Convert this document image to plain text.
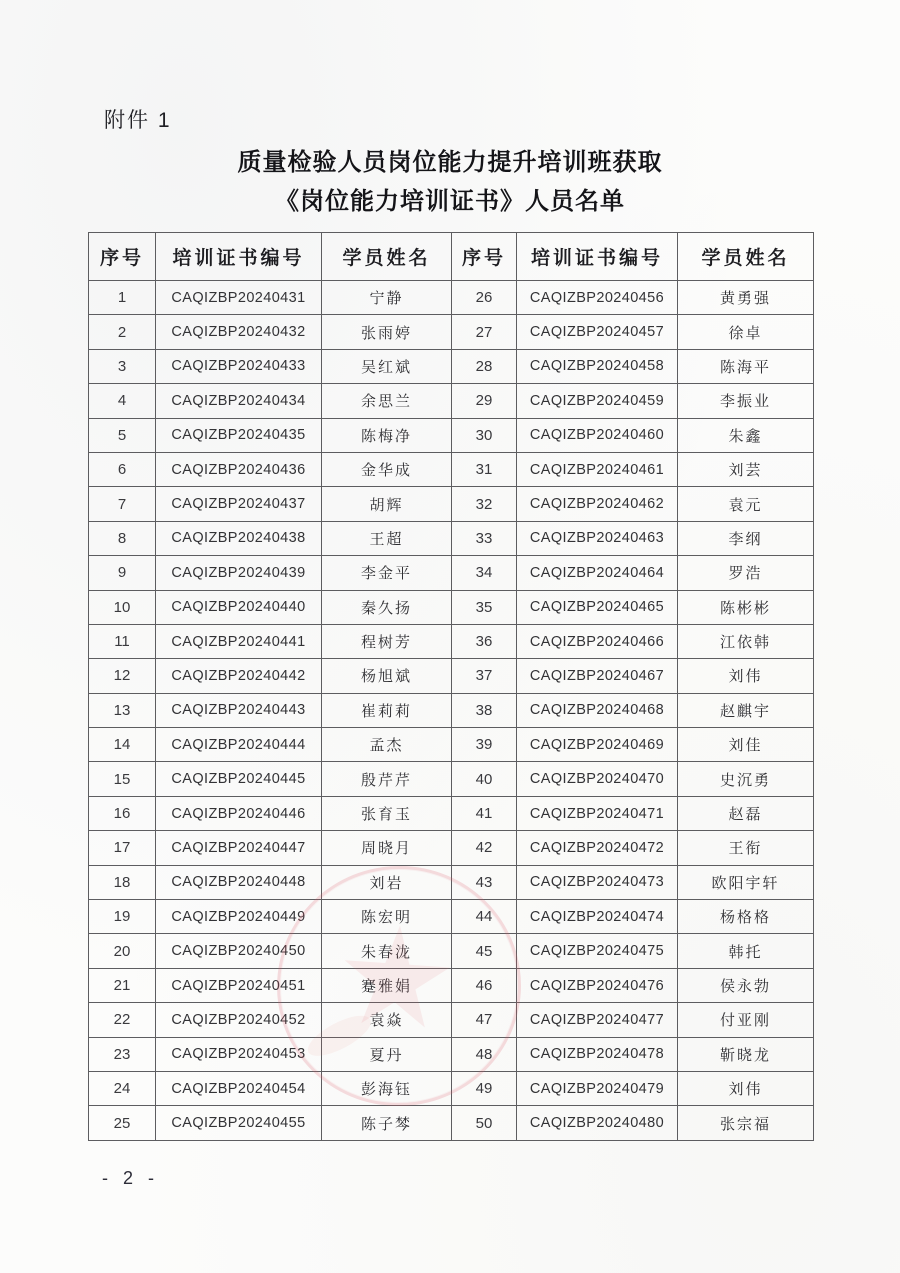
附件 1
质量检验人员岗位能力提升培训班获取
《岗位能力培训证书》人员名单
序号	培训证书编号	学员姓名	序号	培训证书编号	学员姓名
1	CAQIZBP20240431	宁静	26	CAQIZBP20240456	黄勇强
2	CAQIZBP20240432	张雨婷	27	CAQIZBP20240457	徐卓
3	CAQIZBP20240433	吴红斌	28	CAQIZBP20240458	陈海平
4	CAQIZBP20240434	余思兰	29	CAQIZBP20240459	李振业
5	CAQIZBP20240435	陈梅净	30	CAQIZBP20240460	朱鑫
6	CAQIZBP20240436	金华成	31	CAQIZBP20240461	刘芸
7	CAQIZBP20240437	胡辉	32	CAQIZBP20240462	袁元
8	CAQIZBP20240438	王超	33	CAQIZBP20240463	李纲
9	CAQIZBP20240439	李金平	34	CAQIZBP20240464	罗浩
10	CAQIZBP20240440	秦久扬	35	CAQIZBP20240465	陈彬彬
11	CAQIZBP20240441	程树芳	36	CAQIZBP20240466	江依韩
12	CAQIZBP20240442	杨旭斌	37	CAQIZBP20240467	刘伟
13	CAQIZBP20240443	崔莉莉	38	CAQIZBP20240468	赵麒宇
14	CAQIZBP20240444	孟杰	39	CAQIZBP20240469	刘佳
15	CAQIZBP20240445	殷芹芹	40	CAQIZBP20240470	史沉勇
16	CAQIZBP20240446	张育玉	41	CAQIZBP20240471	赵磊
17	CAQIZBP20240447	周晓月	42	CAQIZBP20240472	王衔
18	CAQIZBP20240448	刘岩	43	CAQIZBP20240473	欧阳宇轩
19	CAQIZBP20240449	陈宏明	44	CAQIZBP20240474	杨格格
20	CAQIZBP20240450	朱春泷	45	CAQIZBP20240475	韩托
21	CAQIZBP20240451	蹇雅娟	46	CAQIZBP20240476	侯永勃
22	CAQIZBP20240452	袁焱	47	CAQIZBP20240477	付亚刚
23	CAQIZBP20240453	夏丹	48	CAQIZBP20240478	靳晓龙
24	CAQIZBP20240454	彭海钰	49	CAQIZBP20240479	刘伟
25	CAQIZBP20240455	陈子棽	50	CAQIZBP20240480	张宗福
- 2 -
